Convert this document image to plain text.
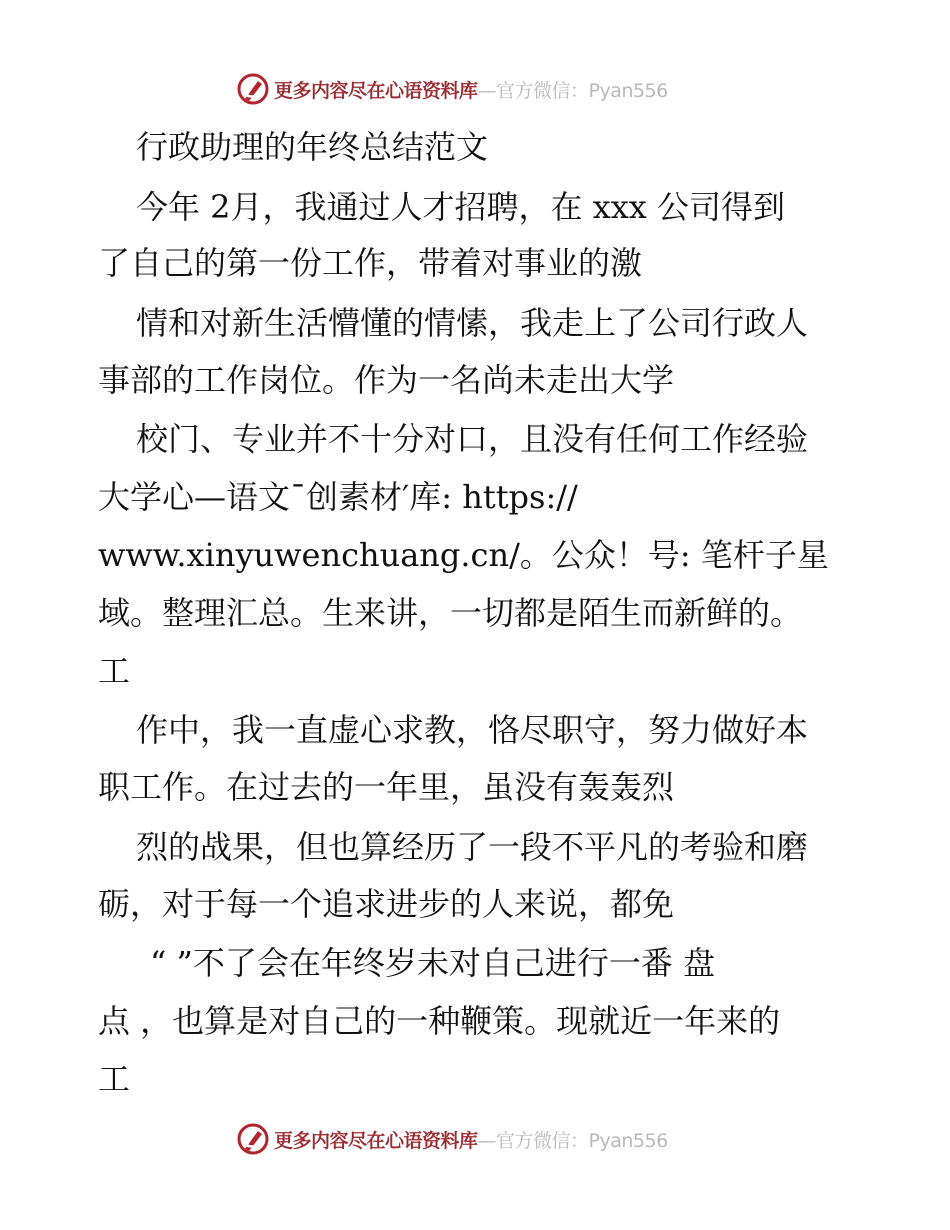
更多内容尽在心语资料库 —官方微信：Pyan556
行政助理的年终总结范文
今年 2月，我通过人才招聘，在 xxx 公司得到
了自己的第一份工作，带着对事业的激
情和对新生活懵懂的情愫，我走上了公司行政人
事部的工作岗位。作为一名尚未走出大学
校门、专业并不十分对口，且没有任何工作经验
大学心—语文¯创素材′库: https://
www.xinyuwenchuang.cn/。公众！号: 笔杆子星
域。整理汇总。生来讲，一切都是陌生而新鲜的。
工
作中，我一直虚心求教，恪尽职守，努力做好本
职工作。在过去的一年里，虽没有轰轰烈
烈的战果，但也算经历了一段不平凡的考验和磨
砺，对于每一个追求进步的人来说，都免
“ ”不了会在年终岁未对自己进行一番 盘
点 ，也算是对自己的一种鞭策。现就近一年来的
工
更多内容尽在心语资料库 —官方微信：Pyan556
